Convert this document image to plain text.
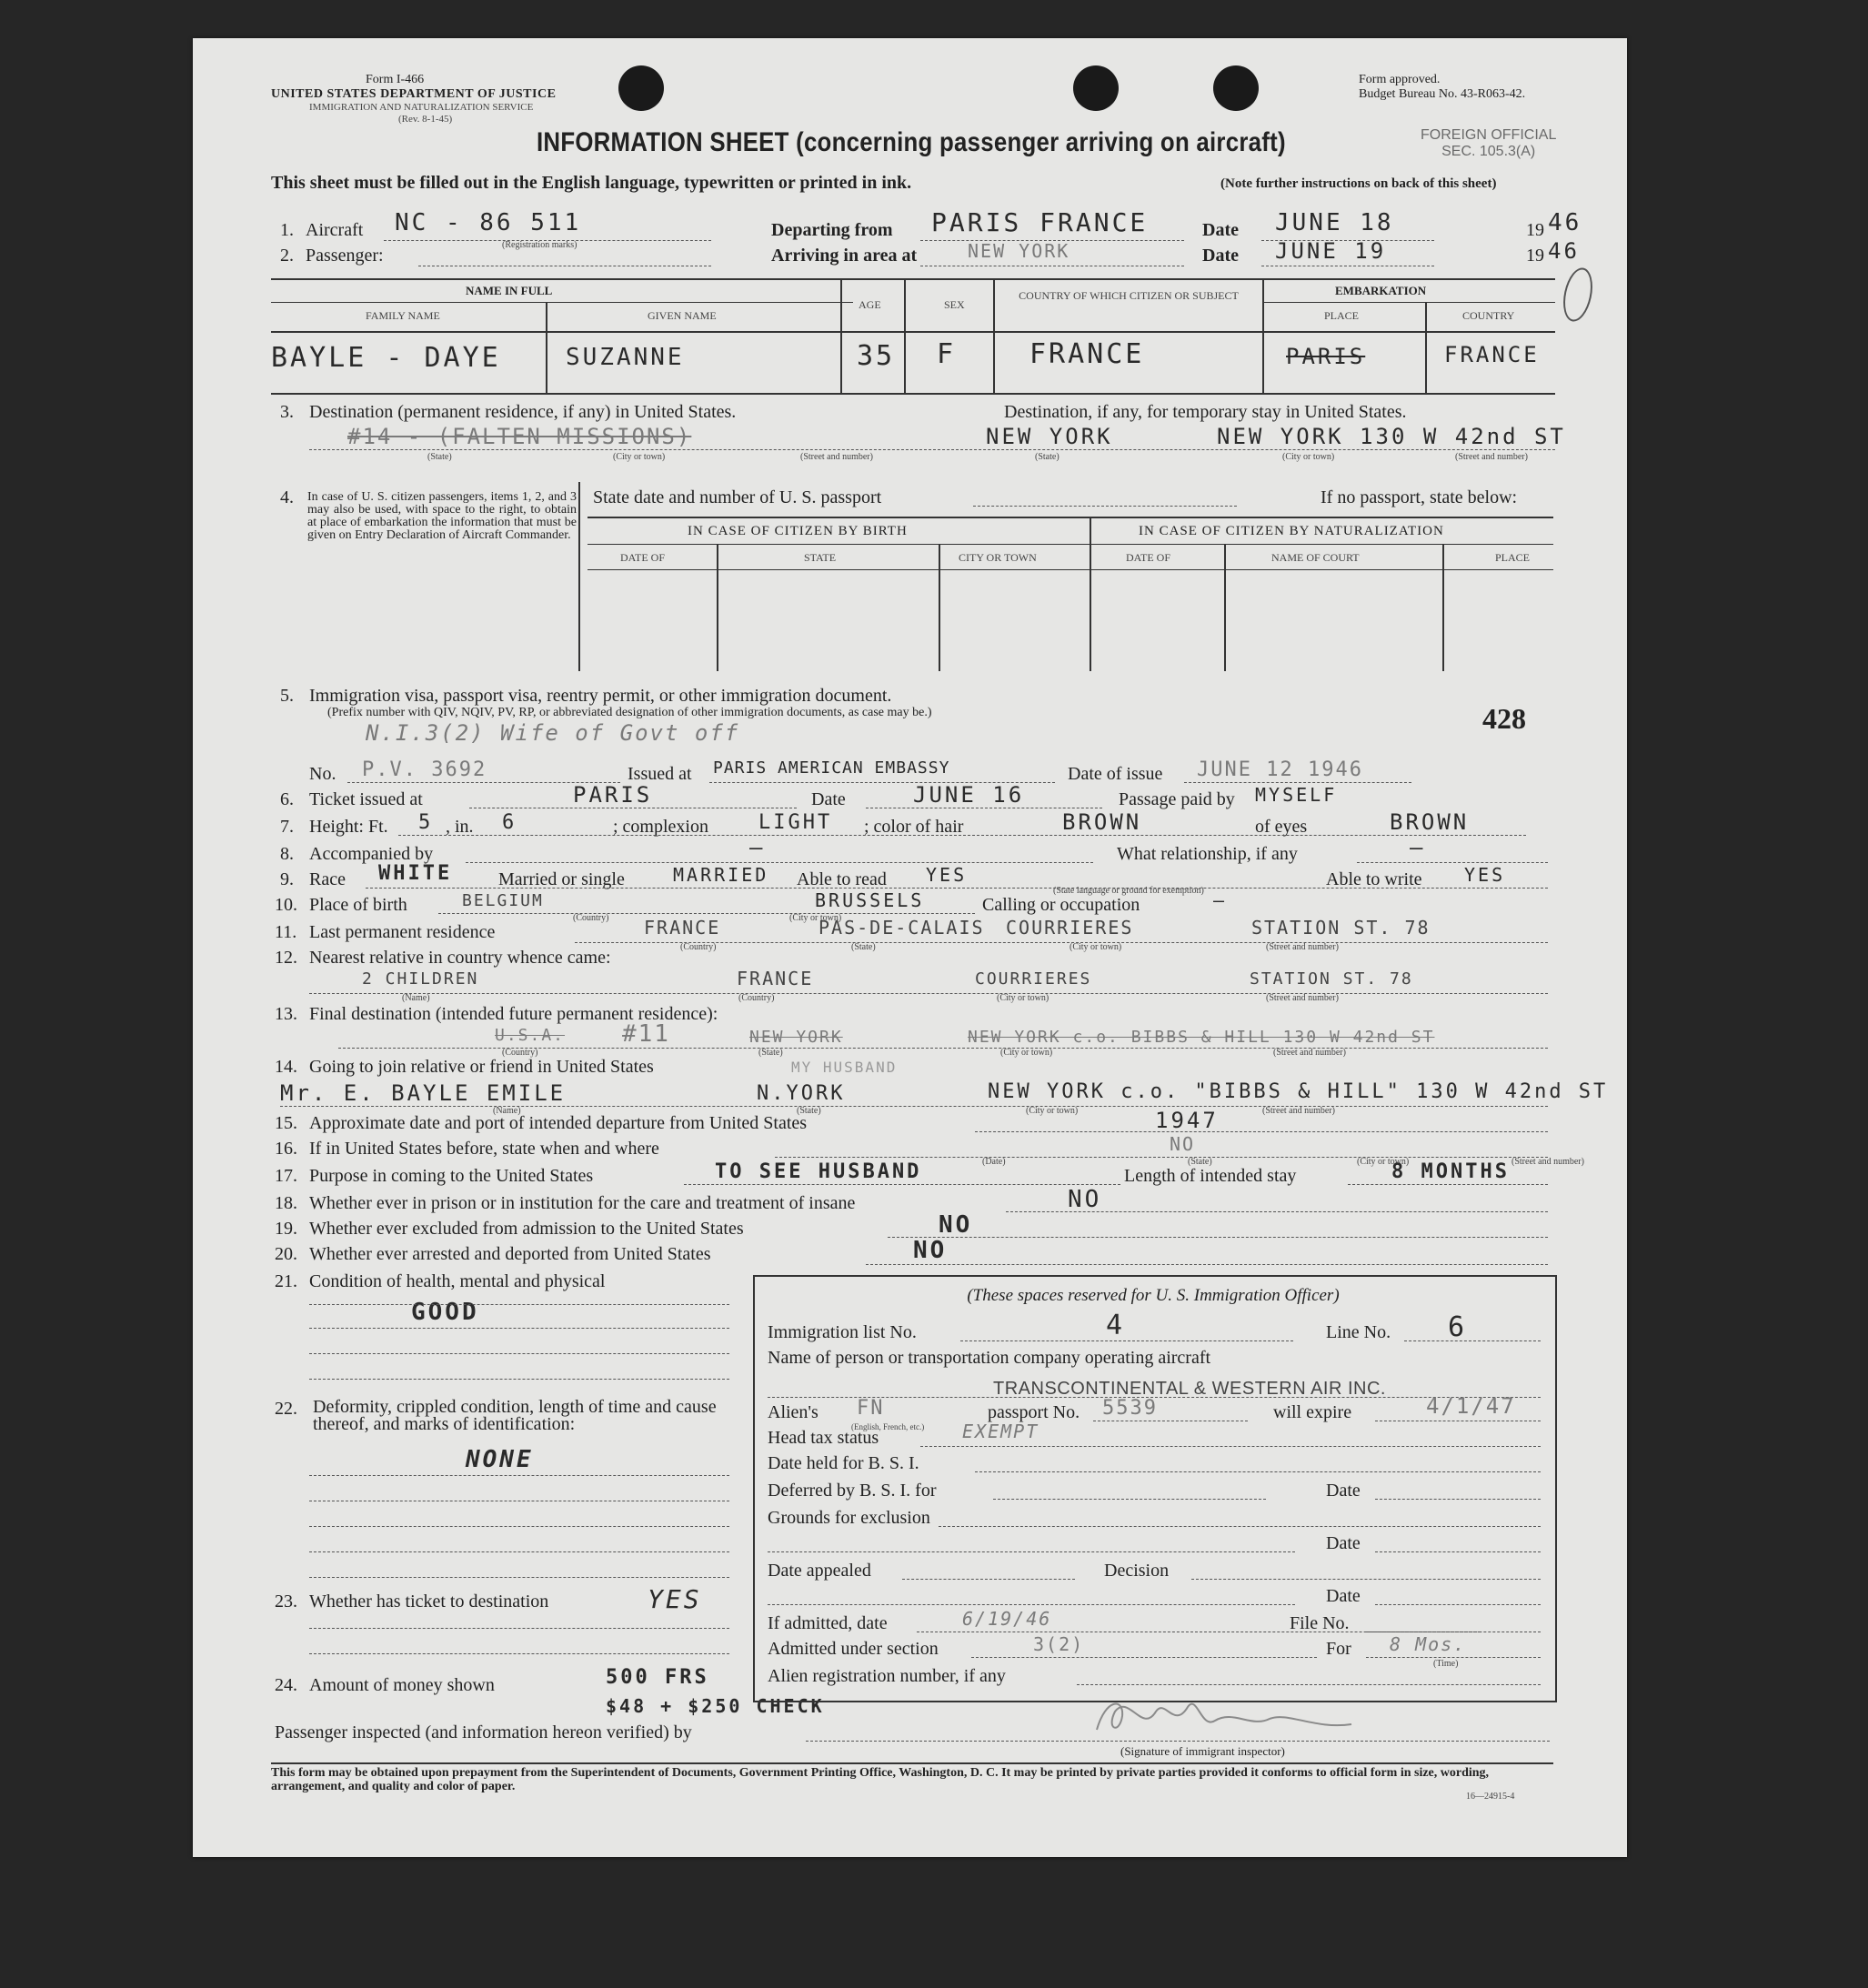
Form I-466
UNITED STATES DEPARTMENT OF JUSTICE
IMMIGRATION AND NATURALIZATION SERVICE
(Rev. 8-1-45)
Form approved.
Budget Bureau No. 43-R063-42.
INFORMATION SHEET (concerning passenger arriving on aircraft)	FOREIGN OFFICIAL
SEC. 105.3(A)
This sheet must be filled out in the English language, typewritten or printed in ink.	(Note further instructions on back of this sheet)
1. Aircraft NC - 86 511
(Registration marks)
Departing from PARIS FRANCE	Date JUNE 18	19 46
2. Passenger:	Arriving in area at	NEW YORK	Date JUNE 19	19 46
NAME IN FULL
FAMILY NAME	GIVEN NAME
AGE	SEX
COUNTRY OF WHICH CITIZEN OR SUBJECT	EMBARKATION
PLACE	COUNTRY
BAYLE - DAYE	SUZANNE	35 F	FRANCE	PARIS	FRANCE
3. Destination (permanent residence, if any) in United States.	Destination, if any, for temporary stay in United States.
#14 - (FALTEN MISSIONS)	NEW YORK	NEW YORK 130 W 42nd ST
(State)	(City or town)	(Street and number)	(State)	(City or town)	(Street and number)
4. In case of U. S. citizen passengers, items 1, 2, and 3 may also be used, with space to the right, to obtain at place of embarkation the information that must be given on Entry Declaration of Aircraft Commander.
State date and number of U. S. passport	If no passport, state below:
IN CASE OF CITIZEN BY BIRTH	IN CASE OF CITIZEN BY NATURALIZATION
DATE OF	STATE	CITY OR TOWN	DATE OF	NAME OF COURT	PLACE
5. Immigration visa, passport visa, reentry permit, or other immigration document.
(Prefix number with QIV, NQIV, PV, RP, or abbreviated designation of other immigration documents, as case may be.)
N.I.3(2) Wife of Govt off	428
No. P.V. 3692	Issued at PARIS AMERICAN EMBASSY	Date of issue JUNE 12 1946
6. Ticket issued at	PARIS	Date	JUNE 16	Passage paid by MYSELF
7. Height: Ft. 5 , in. 6	; complexion	LIGHT ; color of hair	BROWN	of eyes	BROWN
8. Accompanied by	—	What relationship, if any	—
9. Race WHITE	Married or single	MARRIED Able to read YES	Able to write YES
(State language or ground for exemption)
10. Place of birth	BELGIUM	BRUSSELS	Calling or occupation	—
(Country)	(City or town)
11. Last permanent residence	FRANCE	PAS-DE-CALAIS COURRIERES	STATION ST. 78
(Country)	(State)	(City or town)	(Street and number)
12. Nearest relative in country whence came:
2 CHILDREN	FRANCE	COURRIERES	STATION ST. 78
(Name)	(Country)	(City or town)	(Street and number)
13. Final destination (intended future permanent residence):
U.S.A. #11	NEW YORK	NEW YORK c.o. BIBBS & HILL 130 W 42nd ST
(Country)	(State)	(City or town)	(Street and number)
14. Going to join relative or friend in United States	MY HUSBAND
Mr. E. BAYLE EMILE	N.YORK	NEW YORK c.o. "BIBBS & HILL" 130 W 42nd ST
(Name)	(State)	(City or town)	(Street and number)
15. Approximate date and port of intended departure from United States	1947
16. If in United States before, state when and where	NO
(Date)	(State)	(City or town)	(Street and number)
17. Purpose in coming to the United States	TO SEE HUSBAND	Length of intended stay	8 MONTHS
18. Whether ever in prison or in institution for the care and treatment of insane	NO
19. Whether ever excluded from admission to the United States	NO
20. Whether ever arrested and deported from United States	NO
21. Condition of health, mental and physical
GOOD
22. Deformity, crippled condition, length of time and cause thereof, and marks of identification:
NONE
23. Whether has ticket to destination	YES
24. Amount of money shown	500 FRS
$48 + $250 CHECK
(These spaces reserved for U. S. Immigration Officer)
Immigration list No.	4	Line No. 6
Name of person or transportation company operating aircraft
TRANSCONTINENTAL & WESTERN AIR INC.
Alien's FN
(English, French, etc.)
passport No. 5539	will expire	4/1/47
Head tax status	EXEMPT
Date held for B. S. I.
Deferred by B. S. I. for	Date
Grounds for exclusion
Date
Date appealed	Decision
Date
If admitted, date	6/19/46	File No.
Admitted under section	3(2)	For 8 Mos.
(Time)
Alien registration number, if any
Passenger inspected (and information hereon verified) by
(Signature of immigrant inspector)
This form may be obtained upon prepayment from the Superintendent of Documents, Government Printing Office, Washington, D. C. It may be printed by private parties provided it conforms to official form in size, wording, arrangement, and quality and color of paper.
16—24915-4
